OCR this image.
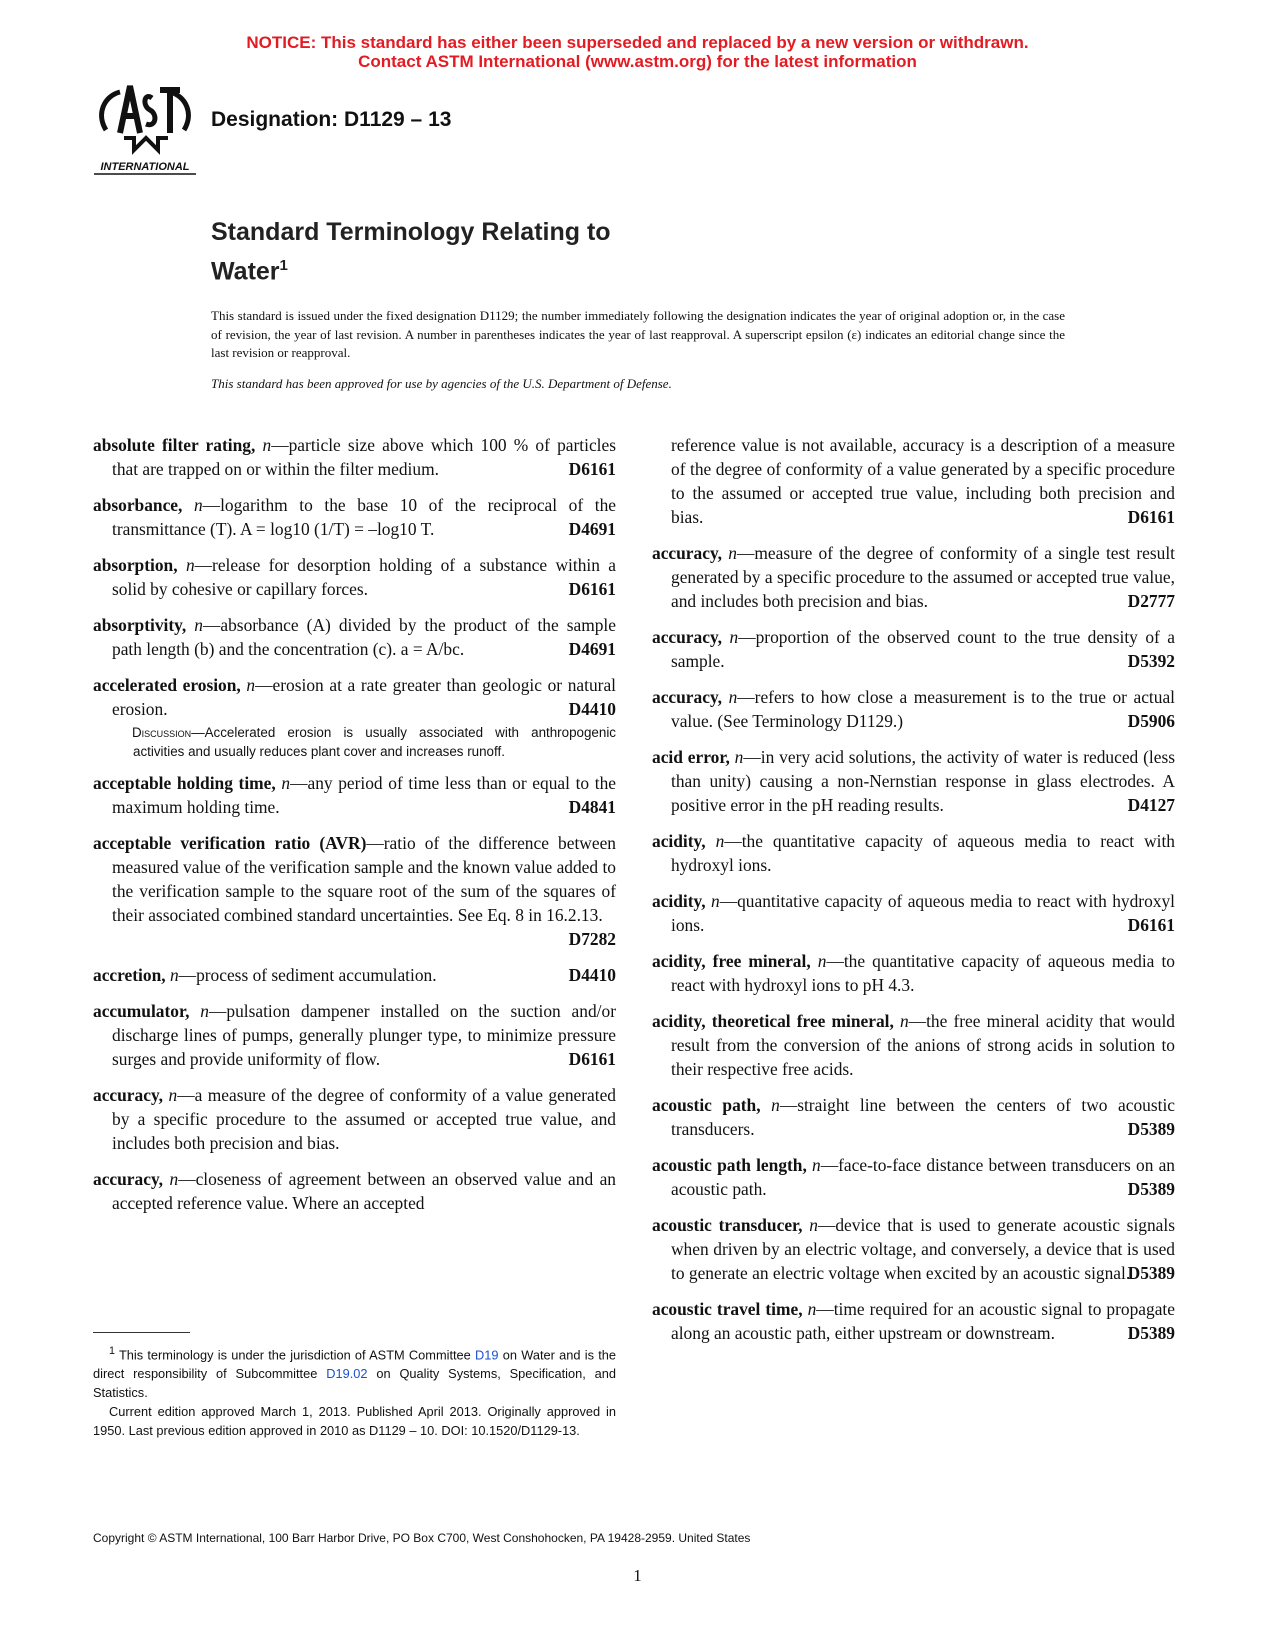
NOTICE: This standard has either been superseded and replaced by a new version or withdrawn.
Contact ASTM International (www.astm.org) for the latest information
INTERNATIONAL
Designation: D1129 – 13
Standard Terminology Relating to
Water$^1$
This standard is issued under the fixed designation D1129; the number immediately following the designation indicates the year of original adoption or, in the case of revision, the year of last revision. A number in parentheses indicates the year of last reapproval. A superscript epsilon (ε) indicates an editorial change since the last revision or reapproval.
This standard has been approved for use by agencies of the U.S. Department of Defense.
absolute filter rating, n—particle size above which 100 % of particles that are trapped on or within the filter medium.	D6161
absorbance, n—logarithm to the base 10 of the reciprocal of the transmittance (T). A = log10 (1/T) = –log10 T.	D4691
absorption, n—release for desorption holding of a substance within a solid by cohesive or capillary forces.	D6161
absorptivity, n—absorbance (A) divided by the product of the sample path length (b) and the concentration (c). a = A/bc.	D4691
accelerated erosion, n—erosion at a rate greater than geologic or natural erosion.	D4410
Discussion—Accelerated erosion is usually associated with anthropogenic activities and usually reduces plant cover and increases runoff.
acceptable holding time, n—any period of time less than or equal to the maximum holding time.	D4841
acceptable verification ratio (AVR)—ratio of the difference between measured value of the verification sample and the known value added to the verification sample to the square root of the sum of the squares of their associated combined standard uncertainties. See Eq. 8 in 16.2.13.
D7282
accretion, n—process of sediment accumulation.	D4410
accumulator, n—pulsation dampener installed on the suction and/or discharge lines of pumps, generally plunger type, to minimize pressure surges and provide uniformity of flow.	D6161
accuracy, n—a measure of the degree of conformity of a value generated by a specific procedure to the assumed or accepted true value, and includes both precision and bias.
accuracy, n—closeness of agreement between an observed value and an accepted reference value. Where an accepted
reference value is not available, accuracy is a description of a measure of the degree of conformity of a value generated by a specific procedure to the assumed or accepted true value, including both precision and bias.	D6161
accuracy, n—measure of the degree of conformity of a single test result generated by a specific procedure to the assumed or accepted true value, and includes both precision and bias.	D2777
accuracy, n—proportion of the observed count to the true density of a sample.	D5392
accuracy, n—refers to how close a measurement is to the true or actual value. (See Terminology D1129.)	D5906
acid error, n—in very acid solutions, the activity of water is reduced (less than unity) causing a non-Nernstian response in glass electrodes. A positive error in the pH reading results.	D4127
acidity, n—the quantitative capacity of aqueous media to react with hydroxyl ions.
acidity, n—quantitative capacity of aqueous media to react with hydroxyl ions.	D6161
acidity, free mineral, n—the quantitative capacity of aqueous media to react with hydroxyl ions to pH 4.3.
acidity, theoretical free mineral, n—the free mineral acidity that would result from the conversion of the anions of strong acids in solution to their respective free acids.
acoustic path, n—straight line between the centers of two acoustic transducers.	D5389
acoustic path length, n—face-to-face distance between transducers on an acoustic path.	D5389
acoustic transducer, n—device that is used to generate acoustic signals when driven by an electric voltage, and conversely, a device that is used to generate an electric voltage when excited by an acoustic signal.
D5389
acoustic travel time, n—time required for an acoustic signal to propagate along an acoustic path, either upstream or downstream.	D5389

$^1$ This terminology is under the jurisdiction of ASTM Committee D19 on Water and is the direct responsibility of Subcommittee D19.02 on Quality Systems, Specification, and Statistics.

Current edition approved March 1, 2013. Published April 2013. Originally approved in 1950. Last previous edition approved in 2010 as D1129 – 10. DOI: 10.1520/D1129-13.

Copyright © ASTM International, 100 Barr Harbor Drive, PO Box C700, West Conshohocken, PA 19428-2959. United States
1
